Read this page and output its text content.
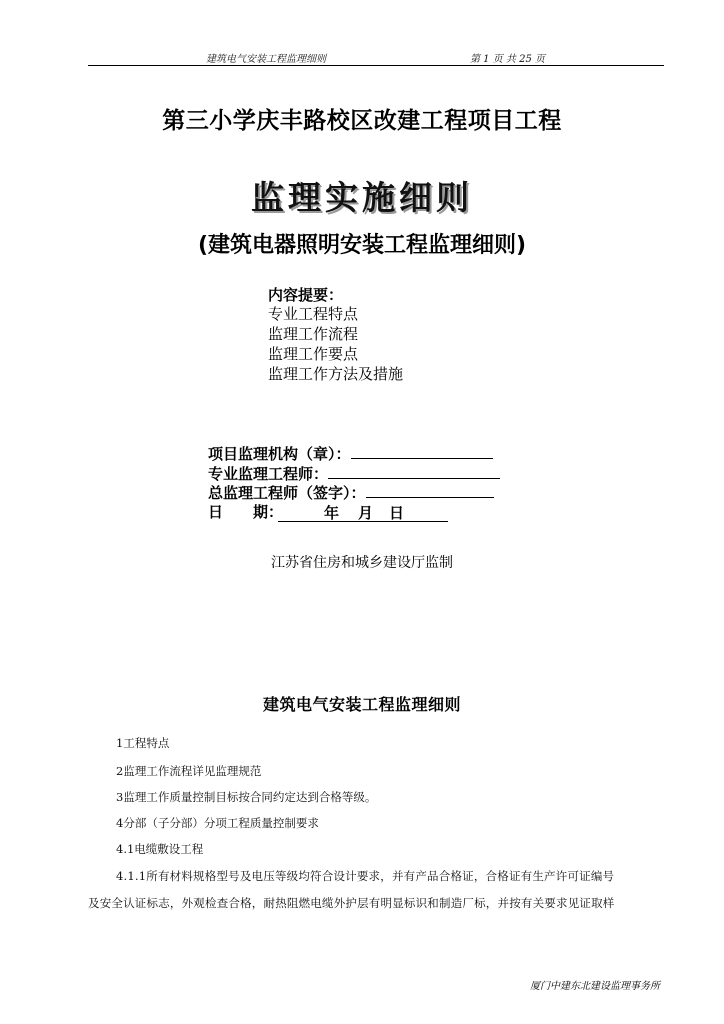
建筑电气安装工程监理细则	第 1 页 共 25 页
第三小学庆丰路校区改建工程项目工程
监理实施细则
(建筑电器照明安装工程监理细则)
内容提要：
专业工程特点
监理工作流程
监理工作要点
监理工作方法及措施
项目监理机构（章）：
专业监理工程师：
总监理工程师（签字）：
日　　期：	年 月 日

江苏省住房和城乡建设厅监制
建筑电气安装工程监理细则
1工程特点
2监理工作流程详见监理规范
3监理工作质量控制目标按合同约定达到合格等级。
4分部（子分部）分项工程质量控制要求
4.1电缆敷设工程
4.1.1所有材料规格型号及电压等级均符合设计要求，并有产品合格证，合格证有生产许可证编号
及安全认证标志，外观检查合格，耐热阻燃电缆外护层有明显标识和制造厂标，并按有关要求见证取样
厦门中建东北建设监理事务所
